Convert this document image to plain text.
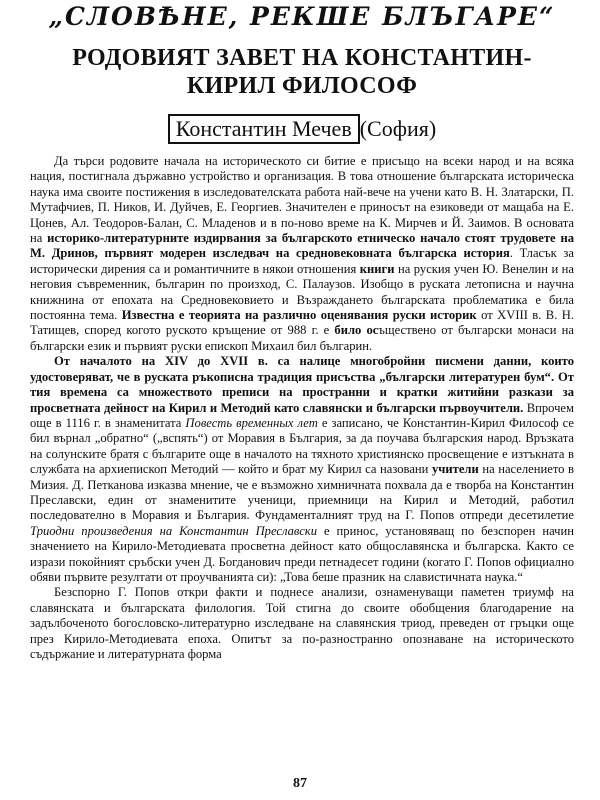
„СЛОВѢНЕ, РЕКШЕ БЛЪГАРЕ“
РОДОВИЯТ ЗАВЕТ НА КОНСТАНТИН-КИРИЛ ФИЛОСОФ
Константин Мечев (София)

Да търси родовите начала на историческото си битие е присъщо на всеки народ и на всяка нация, постигнала държавно устройство и организация. В това отношение българската историческа наука има своите постижения в изследователската работа най-вече на учени като В. Н. Златарски, П. Мутафчиев, П. Ников, И. Дуйчев, Е. Георгиев. Значителен е приносът на езиковеди от мащаба на Е. Цонев, Ал. Теодоров-Балан, С. Младенов и в по-ново време на К. Мирчев и Й. Заимов. В основата на историко-литературните издирвания за българското етническо начало стоят трудовете на М. Дринов, първият модерен изследвач на средновековната българска история. Тласък за исторически дирения са и романтичните в някои отношения книги на руския учен Ю. Венелин и на неговия съвременник, българин по произход, С. Палаузов. Изобщо в руската летописна и научна книжнина от епохата на Средновековието и Възраждането българската проблематика е била постоянна тема. Известна е теорията на различно оценявания руски историк от XVIII в. В. Н. Татищев, според когото руското кръщение от 988 г. е било осъществено от български монаси на български език и първият руски епископ Михаил бил българин.

От началото на XIV до XVII в. са налице многобройни писмени данни, които удостоверяват, че в руската ръкописна традиция присъства „български литературен бум“. От тия времена са множеството преписи на пространни и кратки житийни разкази за просветната дейност на Кирил и Методий като славянски и български първоучители. Впрочем още в 1116 г. в знаменитата Повесть временных лет е записано, че Константин-Кирил Философ се бил върнал „обратно“ („вспять“) от Моравия в България, за да поучава българския народ. Връзката на солунските братя с българите още в началото на тяхното християнско просвещение е изтъкната в службата на архиепископ Методий — който и брат му Кирил са назовани учители на населението в Мизия. Д. Петканова изказва мнение, че е възможно химничната похвала да е творба на Константин Преславски, един от знаменитите учeници, приемници на Кирил и Методий, работил последователно в Моравия и България. Фундаменталният труд на Г. Попов отпреди десетилетие Триодни произведения на Константин Преславски е принос, установяващ по безспорен начин значението на Кирило-Методиевата просветна дейност като общославянска и българска. Както се изрази покойният сръбски учен Д. Богданович преди петнадесет години (когато Г. Попов официално обяви първите резултати от проучванията си): „Това беше празник на славистичната наука.“

Безспорно Г. Попов откри факти и поднесе анализи, ознаменуващи паметен триумф на славянската и българската филология. Той стигна до своите обобщения благодарение на задълбоченото богословско-литературно изследване на славянския триод, преведен от гръцки още през Кирило-Методиевата епоха. Опитът за по-разностранно опознаване на историческото съдържание и литературната форма

87
